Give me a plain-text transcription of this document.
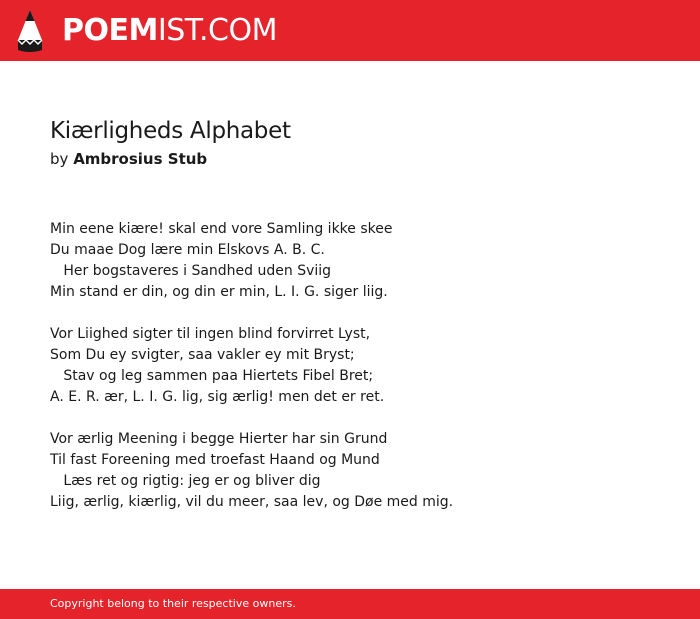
POEMIST.COM
Kiærligheds Alphabet
by Ambrosius Stub
Min eene kiære! skal end vore Samling ikke skee
Du maae Dog lære min Elskovs A. B. C.
Her bogstaveres i Sandhed uden Sviig
Min stand er din, og din er min, L. I. G. siger liig.
Vor Liighed sigter til ingen blind forvirret Lyst,
Som Du ey svigter, saa vakler ey mit Bryst;
Stav og leg sammen paa Hiertets Fibel Bret;
A. E. R. ær, L. I. G. lig, sig ærlig! men det er ret.
Vor ærlig Meening i begge Hierter har sin Grund
Til fast Foreening med troefast Haand og Mund
Læs ret og rigtig: jeg er og bliver dig
Liig, ærlig, kiærlig, vil du meer, saa lev, og Døe med mig.
Copyright belong to their respective owners.
